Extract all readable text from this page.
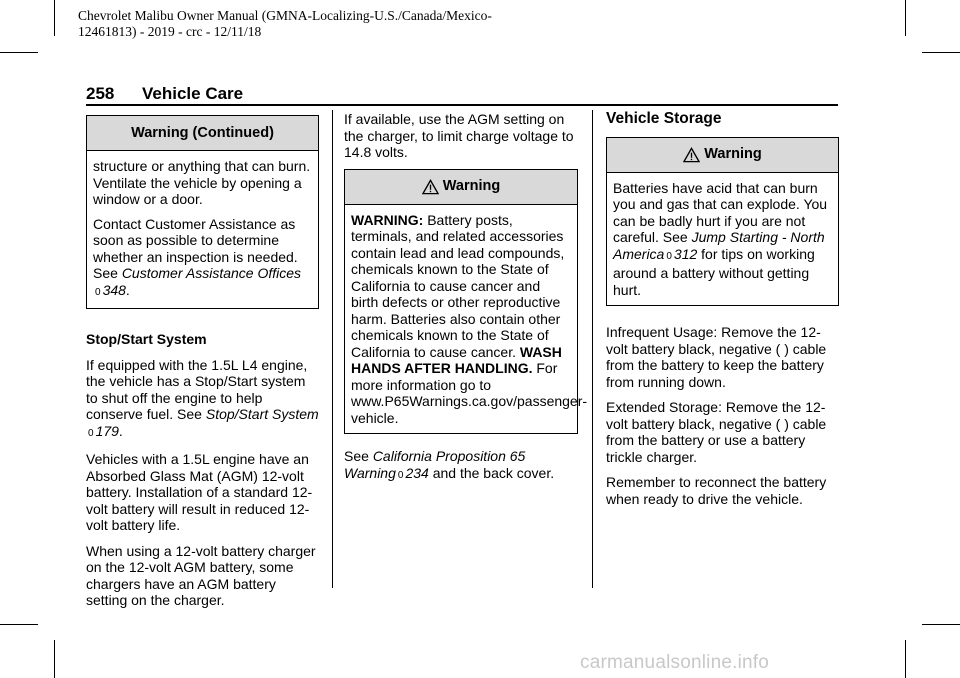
Chevrolet Malibu Owner Manual (GMNA-Localizing-U.S./Canada/Mexico-
12461813) - 2019 - crc - 12/11/18
258 Vehicle Care
Warning (Continued)

structure or anything that can burn. Ventilate the vehicle by opening a window or a door.

Contact Customer Assistance as soon as possible to determine whether an inspection is needed. See Customer Assistance Offices
0 348.

Stop/Start System

If equipped with the 1.5L L4 engine, the vehicle has a Stop/Start system to shut off the engine to help conserve fuel. See Stop/Start System0 179.

Vehicles with a 1.5L engine have an Absorbed Glass Mat (AGM) 12-volt battery. Installation of a standard 12-volt battery will result in reduced 12-volt battery life.

When using a 12-volt battery charger on the 12-volt AGM battery, some chargers have an AGM battery setting on the charger.

If available, use the AGM setting on the charger, to limit charge voltage to 14.8 volts.

Warning

WARNING: Battery posts, terminals, and related accessories contain lead and lead compounds, chemicals known to the State of California to cause cancer and birth defects or other reproductive harm. Batteries also contain other chemicals known to the State of California to cause cancer. WASH HANDS AFTER HANDLING. For more information go to www.P65Warnings.ca.gov/passenger-vehicle.

See California Proposition 65 Warning 0 234 and the back cover.

Vehicle Storage

Warning

Batteries have acid that can burn you and gas that can explode. You can be badly hurt if you are not careful. See Jump Starting - North America 0 312 for tips on working around a battery without getting hurt.

Infrequent Usage: Remove the 12-volt battery black, negative ( ) cable from the battery to keep the battery from running down.

Extended Storage: Remove the 12-volt battery black, negative ( ) cable from the battery or use a battery trickle charger.

Remember to reconnect the battery when ready to drive the vehicle.

carmanualsonline.info
